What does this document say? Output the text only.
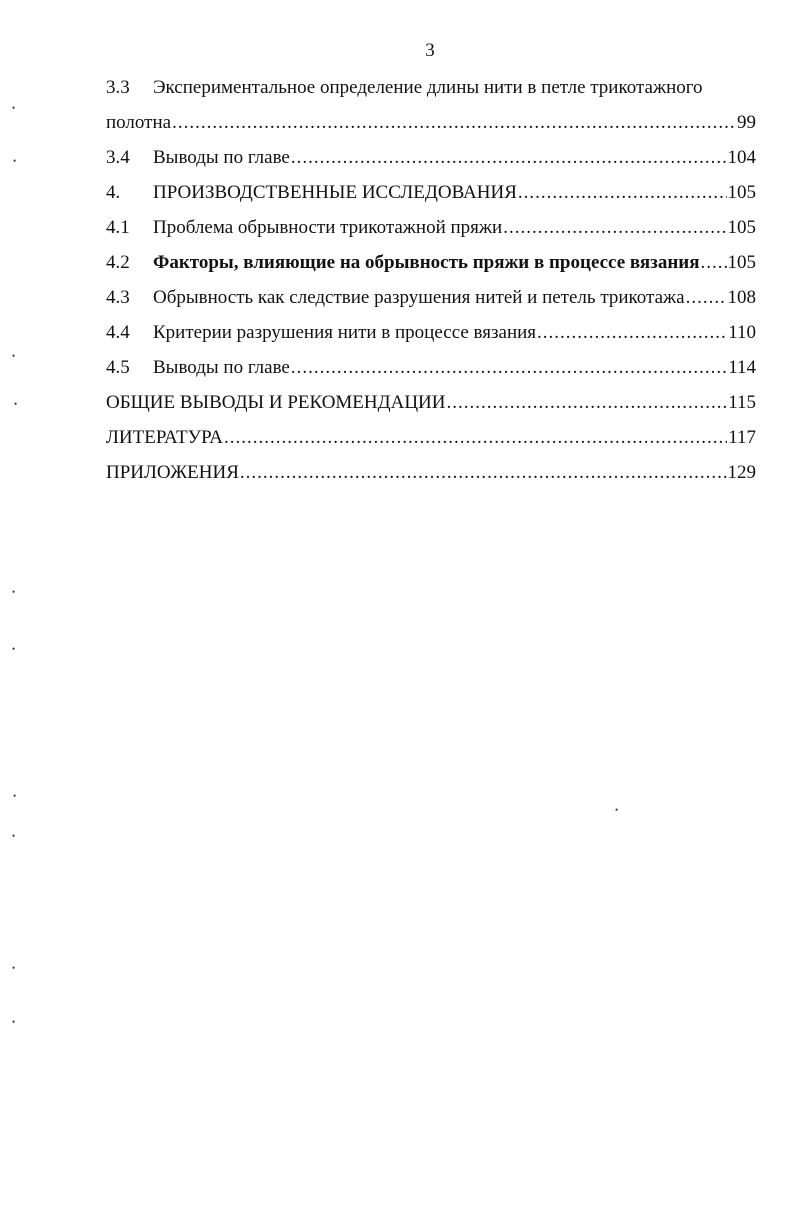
3
3.3	Экспериментальное определение длины нити в петле трикотажного
полотна .....	99
3.4	Выводы по главе .....	104
4.	ПРОИЗВОДСТВЕННЫЕ ИССЛЕДОВАНИЯ .....	105
4.1	Проблема обрывности трикотажной пряжи .....	105
4.2	Факторы, влияющие на обрывность пряжи в процессе вязания ..... 105
4.3	Обрывность как следствие разрушения нитей и петель трикотажа ..... 108
4.4	Критерии разрушения нити в процессе вязания .....	110
4.5	Выводы по главе .....	114
ОБЩИЕ ВЫВОДЫ И РЕКОМЕНДАЦИИ .....	115
ЛИТЕРАТУРА .....	117
ПРИЛОЖЕНИЯ .....	129
•
•
•
•
•
•
•
•
•
•
•
